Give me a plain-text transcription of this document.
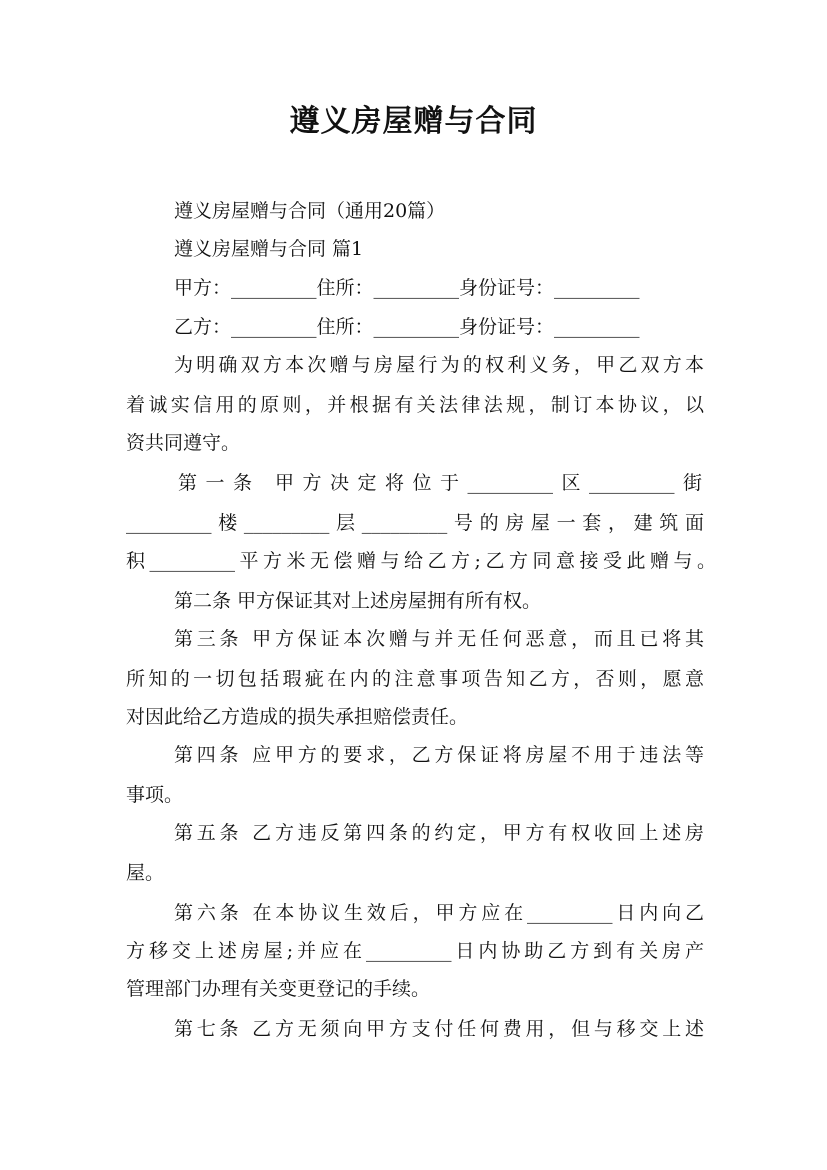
遵义房屋赠与合同
遵义房屋赠与合同（通用20篇）
遵义房屋赠与合同 篇1
甲方：_________住所：_________身份证号：_________
乙方：_________住所：_________身份证号：_________
为明确双方本次赠与房屋行为的权利义务，甲乙双方本
着诚实信用的原则，并根据有关法律法规，制订本协议，以
资共同遵守。
第一条 甲方决定将位于_________区_________街
_________楼_________层_________号的房屋一套，建筑面
积_________平方米无偿赠与给乙方;乙方同意接受此赠与。
第二条 甲方保证其对上述房屋拥有所有权。
第三条 甲方保证本次赠与并无任何恶意，而且已将其
所知的一切包括瑕疵在内的注意事项告知乙方，否则，愿意
对因此给乙方造成的损失承担赔偿责任。
第四条 应甲方的要求，乙方保证将房屋不用于违法等
事项。
第五条 乙方违反第四条的约定，甲方有权收回上述房
屋。
第六条 在本协议生效后，甲方应在_________日内向乙
方移交上述房屋;并应在_________日内协助乙方到有关房产
管理部门办理有关变更登记的手续。
第七条 乙方无须向甲方支付任何费用，但与移交上述
